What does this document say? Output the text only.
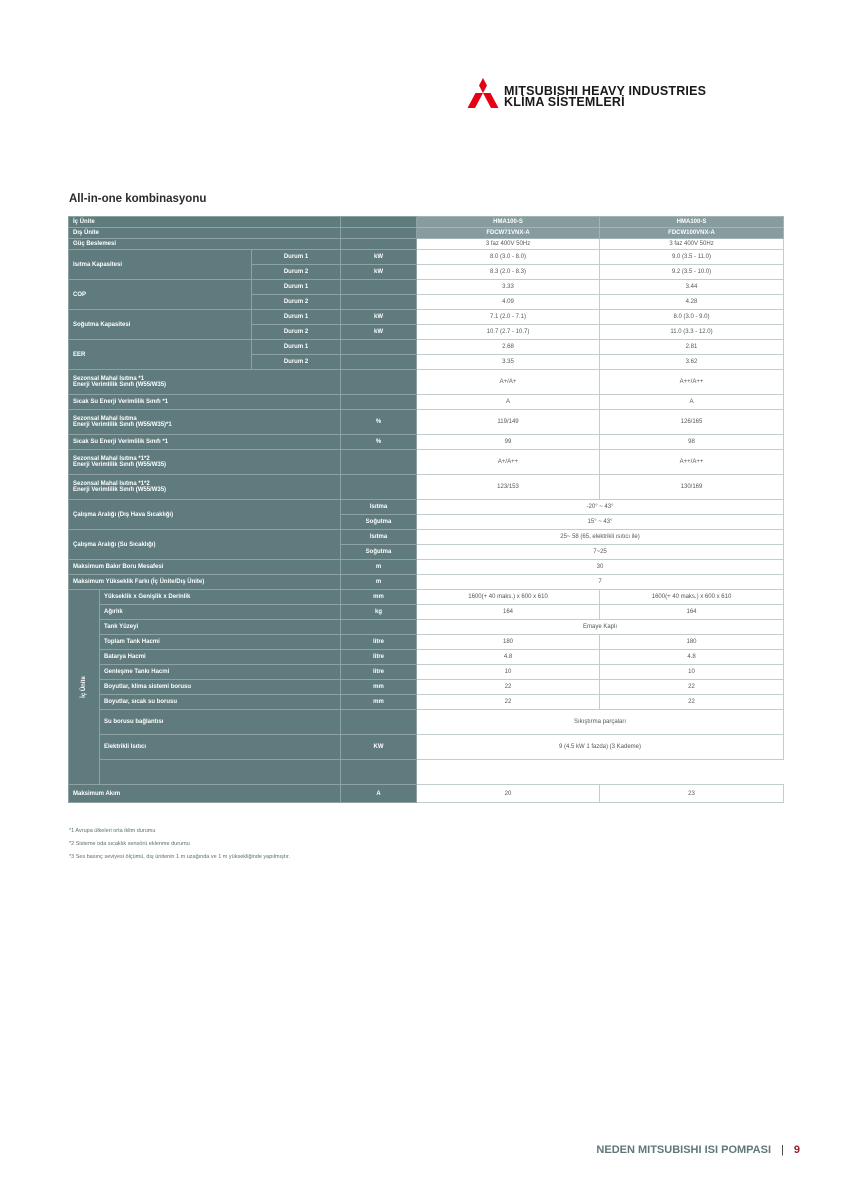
MITSUBISHI HEAVY INDUSTRIES
KLİMA SİSTEMLERİ
All-in-one kombinasyonu
İç Ünite				HMA100-S	HMA100-S
Dış Ünite				FDCW71VNX-A	FDCW100VNX-A
Güç Beslemesi				3 faz 400V 50Hz	3 faz 400V 50Hz
Isıtma Kapasitesi		Durum 1	kW	8.0 (3.0 - 8.0)	9.0 (3.5 - 11.0)
		Durum 2	kW	8.3 (2.0 - 8.3)	9.2 (3.5 - 10.0)
COP		Durum 1		3.33	3.44
		Durum 2		4.09	4.28
Soğutma Kapasitesi		Durum 1	kW	7.1 (2.0 - 7.1)	8.0 (3.0 - 9.0)
		Durum 2	kW	10.7 (2.7 - 10.7)	11.0 (3.3 - 12.0)
EER		Durum 1		2.68	2.81
		Durum 2		3.35	3.62
Sezonsal Mahal Isıtma *1
Enerji Verimlilik Sınıfı (W55/W35)				A+/A+	A++/A++
Sıcak Su Enerji Verimlilik Sınıfı *1				A	A
Sezonsal Mahal Isıtma
Enerji Verimlilik Sınıfı (W55/W35)*1			%	119/149	126/165
Sıcak Su Enerji Verimlilik Sınıfı *1			%	99	98
Sezonsal Mahal Isıtma *1*2
Enerji Verimlilik Sınıfı (W55/W35)				A+/A++	A++/A++
Sezonsal Mahal Isıtma *1*2
Enerji Verimlilik Sınıfı (W55/W35)				123/153	130/169
Çalışma Aralığı (Dış Hava Sıcaklığı)			Isıtma	-20° ~ 43°	
			Soğutma	15° ~ 43°	
Çalışma Aralığı (Su Sıcaklığı)			Isıtma	25~ 58 (65, elektrikli ısıtıcı ile)	
			Soğutma	7~25	
Maksimum Bakır Boru Mesafesi			m	30	
Maksimum Yükseklik Farkı (İç Ünite/Dış Ünite)			m	7	

İç Ünite	Yükseklik x Genişlik x Derinlik		mm	1600(+ 40 maks.) x 600 x 610	1600(+ 40 maks.) x 600 x 610
	Ağırlık		kg	164	164
	Tank Yüzeyi			Emaye Kaplı	
	Toplam Tank Hacmi		litre	180	180
	Batarya Hacmi		litre	4.8	4.8
	Genleşme Tankı Hacmi		litre	10	10
	Boyutlar, klima sistemi borusu		mm	22	22
	Boyutlar, sıcak su borusu		mm	22	22
	Su borusu bağlantısı			Sıkıştırma parçaları	
	Elektrikli Isıtıcı		KW	9 (4.5 kW 1 fazda) (3 Kademe)	

Maksimum Akım			A	20	23
*1 Avrupa ülkeleri orta iklim durumu
*2 Sisteme oda sıcaklık sensörü eklenme durumu
*3 Ses basınç seviyesi ölçümü, dış ünitenin 1 m uzağında ve 1 m yüksekliğinde yapılmıştır.
NEDEN MITSUBISHI ISI POMPASI | 9
